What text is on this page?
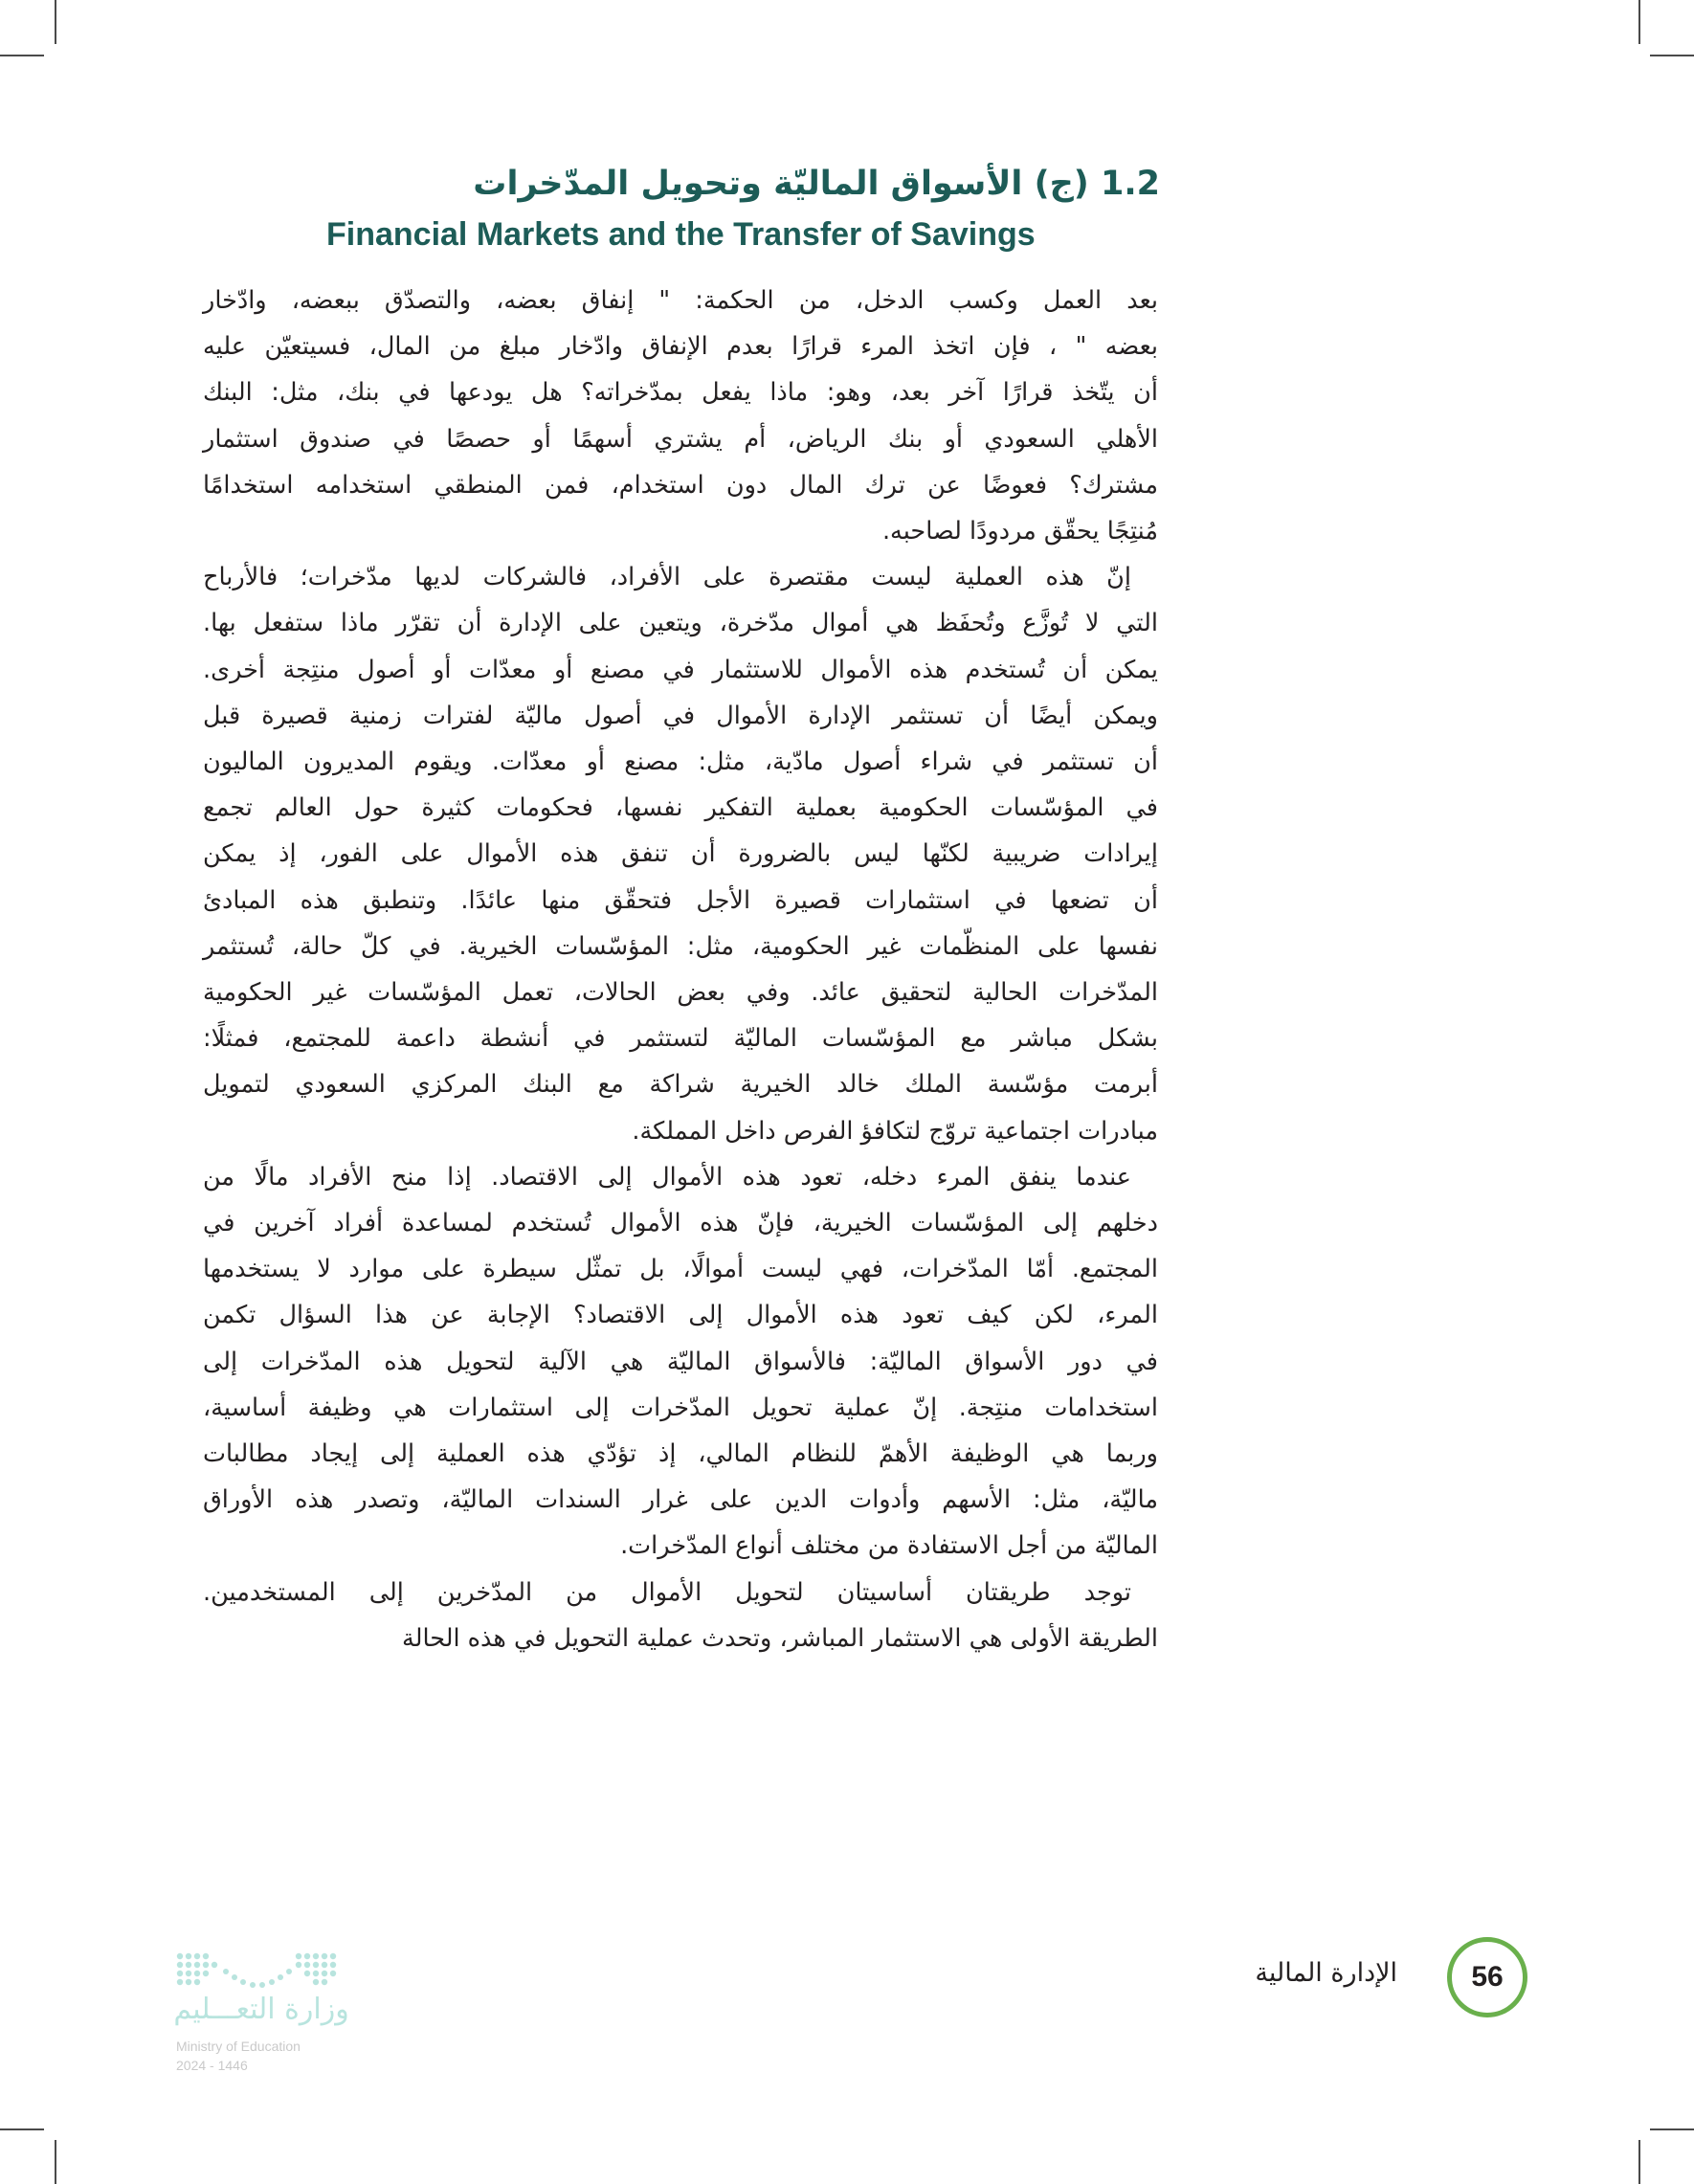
1.2 (ج) الأسواق الماليّة وتحويل المدّخرات
Financial Markets and the Transfer of Savings

بعد العمل وكسب الدخل، من الحكمة: " إنفاق بعضه، والتصدّق ببعضه، وادّخار
بعضه " ، فإن اتخذ المرء قرارًا بعدم الإنفاق وادّخار مبلغ من المال، فسيتعيّن عليه
أن يتّخذ قرارًا آخر بعد، وهو: ماذا يفعل بمدّخراته؟ هل يودعها في بنك، مثل: البنك
الأهلي السعودي أو بنك الرياض، أم يشتري أسهمًا أو حصصًا في صندوق استثمار
مشترك؟ فعوضًا عن ترك المال دون استخدام، فمن المنطقي استخدامه استخدامًا
مُنتِجًا يحقّق مردودًا لصاحبه.

إنّ هذه العملية ليست مقتصرة على الأفراد، فالشركات لديها مدّخرات؛ فالأرباح
التي لا تُوزَّع وتُحفَظ هي أموال مدّخرة، ويتعين على الإدارة أن تقرّر ماذا ستفعل بها.
يمكن أن تُستخدم هذه الأموال للاستثمار في مصنع أو معدّات أو أصول منتِجة أخرى.
ويمكن أيضًا أن تستثمر الإدارة الأموال في أصول ماليّة لفترات زمنية قصيرة قبل
أن تستثمر في شراء أصول مادّية، مثل: مصنع أو معدّات. ويقوم المديرون الماليون
في المؤسّسات الحكومية بعملية التفكير نفسها، فحكومات كثيرة حول العالم تجمع
إيرادات ضريبية لكنّها ليس بالضرورة أن تنفق هذه الأموال على الفور، إذ يمكن
أن تضعها في استثمارات قصيرة الأجل فتحقّق منها عائدًا. وتنطبق هذه المبادئ
نفسها على المنظّمات غير الحكومية، مثل: المؤسّسات الخيرية. في كلّ حالة، تُستثمر
المدّخرات الحالية لتحقيق عائد. وفي بعض الحالات، تعمل المؤسّسات غير الحكومية
بشكل مباشر مع المؤسّسات الماليّة لتستثمر في أنشطة داعمة للمجتمع، فمثلًا:
أبرمت مؤسّسة الملك خالد الخيرية شراكة مع البنك المركزي السعودي لتمويل
مبادرات اجتماعية تروّج لتكافؤ الفرص داخل المملكة.

عندما ينفق المرء دخله، تعود هذه الأموال إلى الاقتصاد. إذا منح الأفراد مالًا من
دخلهم إلى المؤسّسات الخيرية، فإنّ هذه الأموال تُستخدم لمساعدة أفراد آخرين في
المجتمع. أمّا المدّخرات، فهي ليست أموالًا، بل تمثّل سيطرة على موارد لا يستخدمها
المرء، لكن كيف تعود هذه الأموال إلى الاقتصاد؟ الإجابة عن هذا السؤال تكمن
في دور الأسواق الماليّة: فالأسواق الماليّة هي الآلية لتحويل هذه المدّخرات إلى
استخدامات منتِجة. إنّ عملية تحويل المدّخرات إلى استثمارات هي وظيفة أساسية،
وربما هي الوظيفة الأهمّ للنظام المالي، إذ تؤدّي هذه العملية إلى إيجاد مطالبات
ماليّة، مثل: الأسهم وأدوات الدين على غرار السندات الماليّة، وتصدر هذه الأوراق
الماليّة من أجل الاستفادة من مختلف أنواع المدّخرات.

توجد طريقتان أساسيتان لتحويل الأموال من المدّخرين إلى المستخدمين.
الطريقة الأولى هي الاستثمار المباشر، وتحدث عملية التحويل في هذه الحالة

56
الإدارة المالية
وزارة التعـــليم
Ministry of Education
2024 - 1446
